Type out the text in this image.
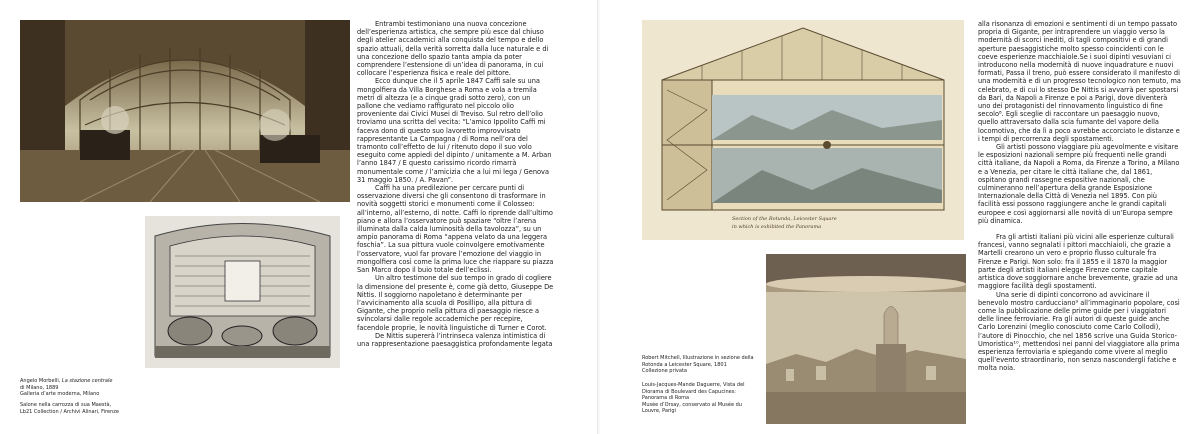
Angelo Morbelli, La stazione centrale
di Milano, 1889
Galleria d’arte moderna, Milano

Salone nella carrozza di sua Maestà,
Lb21 Collection / Archivi Alinari, Firenze

Entrambi testimoniano una nuova concezione dell’esperienza artistica, che sempre più esce dal chiuso degli atelier accademici alla conquista del tempo e dello spazio attuali, della verità sorretta dalla luce naturale e di una concezione dello spazio tanta ampia da poter comprendere l’estensione di un’idea di panorama, in cui collocare l’esperienza fisica e reale del pittore.

Ecco dunque che il 5 aprile 1847 Caffi sale su una mongolfiera da Villa Borghese a Roma e vola a tremila metri di altezza (e a cinque gradi sotto zero), con un pallone che vediamo raffigurato nel piccolo olio proveniente dai Civici Musei di Treviso. Sul retro dell’olio troviamo una scritta del vecita: “L’amico Ippolito Caffi mi faceva dono di questo suo lavoretto improvvisato rappresentante La Campagna / di Roma nell’ora del tramonto coll’effetto de lui / ritenuto dopo il suo volo eseguito come appiedi del dipinto / unitamente a M. Arban l’anno 1847 / E questo carissimo ricordo rimarrà monumentale come / l’amicizia che a lui mi lega / Genova 31 maggio 1850. / A. Pavan”.

Caffi ha una predilezione per cercare punti di osservazione diversi che gli consentono di trasformare in novità soggetti storici e monumenti come il Colosseo: all’interno, all’esterno, di notte. Caffi lo riprende dall’ultimo piano e allora l’osservatore può spaziare “oltre l’arena illuminata dalla calda luminosità della tavolozza”, su un ampio panorama di Roma “appena velato da una leggera foschia”. La sua pittura vuole coinvolgere emotivamente l’osservatore, vuol far provare l’emozione del viaggio in mongolfiera così come la prima luce che riappare su piazza San Marco dopo il buio totale dell’eclissi.

Un altro testimone del suo tempo in grado di cogliere la dimensione del presente è, come già detto, Giuseppe De Nittis. Il soggiorno napoletano è determinante per l’avvicinamento alla scuola di Posillipo, alla pittura di Gigante, che proprio nella pittura di paesaggio riesce a svincolarsi dalle regole accademiche per recepire, facendole proprie, le novità linguistiche di Turner e Corot.

De Nittis supererà l’intrinseca valenza intimistica di una rappresentazione paesaggistica profondamente legata

Section of the Rotunda, Leicester Square
in which is exhibited the Panorama

Robert Mitchell, Illustrazione in sezione della Rotonda a Leicester Square, 1801
Collezione privata

Louis-Jacques-Mande Daguerre, Vista del Diorama di Boulevard des Capucines: Panorama di Roma
Musée d’Orsay, conservato al Musée du Louvre, Parigi

alla risonanza di emozioni e sentimenti di un tempo passato propria di Gigante, per intraprendere un viaggio verso la modernità di scorci inediti, di tagli compositivi e di grandi aperture paesaggistiche molto spesso coincidenti con le coeve esperienze macchiaiole.Se i suoi dipinti vesuviani ci introducono nella modernità di nuove inquadrature e nuovi formati, Passa il treno, può essere considerato il manifesto di una modernità e di un progresso tecnologico non temuto, ma celebrato, e di cui lo stesso De Nittis si avvarrà per spostarsi da Bari, da Napoli a Firenze e poi a Parigi, dove diventerà uno dei protagonisti del rinnovamento linguistico di fine secolo⁸. Egli sceglie di raccontare un paesaggio nuovo, quello attraversato dalla scia fumante del vapore della locomotiva, che da lì a poco avrebbe accorciato le distanze e i tempi di percorrenza degli spostamenti.

Gli artisti possono viaggiare più agevolmente e visitare le esposizioni nazionali sempre più frequenti nelle grandi città italiane, da Napoli a Roma, da Firenze a Torino, a Milano e a Venezia, per citare le città italiane che, dal 1861, ospitano grandi rassegne espositive nazionali, che culmineranno nell’apertura della grande Esposizione Internazionale della Città di Venezia nel 1895. Con più facilità essi possono raggiungere anche le grandi capitali europee e così aggiornarsi alle novità di un’Europa sempre più dinamica.

Fra gli artisti italiani più vicini alle esperienze culturali francesi, vanno segnalati i pittori macchiaioli, che grazie a Martelli crearono un vero e proprio flusso culturale fra Firenze e Parigi. Non solo: fra il 1855 e il 1870 la maggior parte degli artisti italiani elegge Firenze come capitale artistica dove soggiornare anche brevemente, grazie ad una maggiore facilità degli spostamenti.

Una serie di dipinti concorrono ad avvicinare il benevolo mostro carducciano⁹ all’immaginario popolare, così come la pubblicazione delle prime guide per i viaggiatori delle linee ferroviarie. Fra gli autori di queste guide anche Carlo Lorenzini (meglio conosciuto come Carlo Collodi), l’autore di Pinocchio, che nel 1856 scrive una Guida Storico-Umoristica¹⁰, mettendosi nei panni del viaggiatore alla prima esperienza ferroviaria e spiegando come vivere al meglio quell’evento straordinario, non senza nascondergli fatiche e molta noia.
